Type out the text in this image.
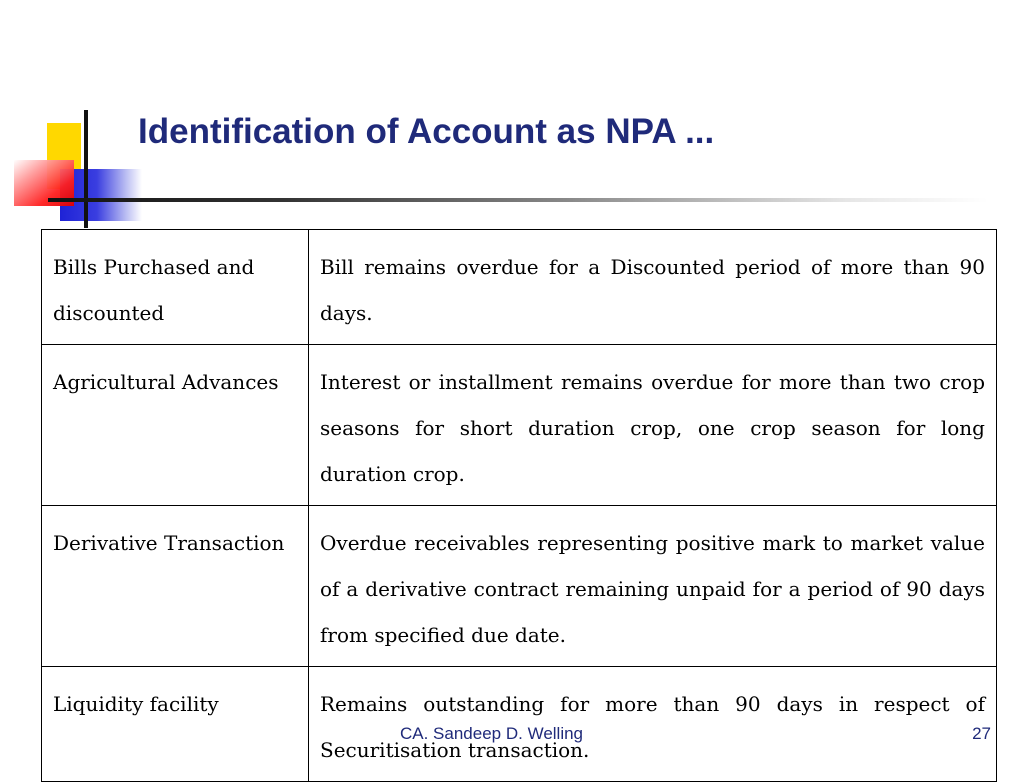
Identification of Account as NPA ...
Bills Purchased and discounted	Bill remains overdue for a Discounted period of more than 90 days.
Agricultural Advances	Interest or installment remains overdue for more than two crop seasons for short duration crop, one crop season for long duration crop.
Derivative Transaction	Overdue receivables representing positive mark to market value of a derivative contract remaining unpaid for a period of 90 days from specified due date.
Liquidity facility	Remains outstanding for more than 90 days in respect of Securitisation transaction.
CA. Sandeep D. Welling	27
